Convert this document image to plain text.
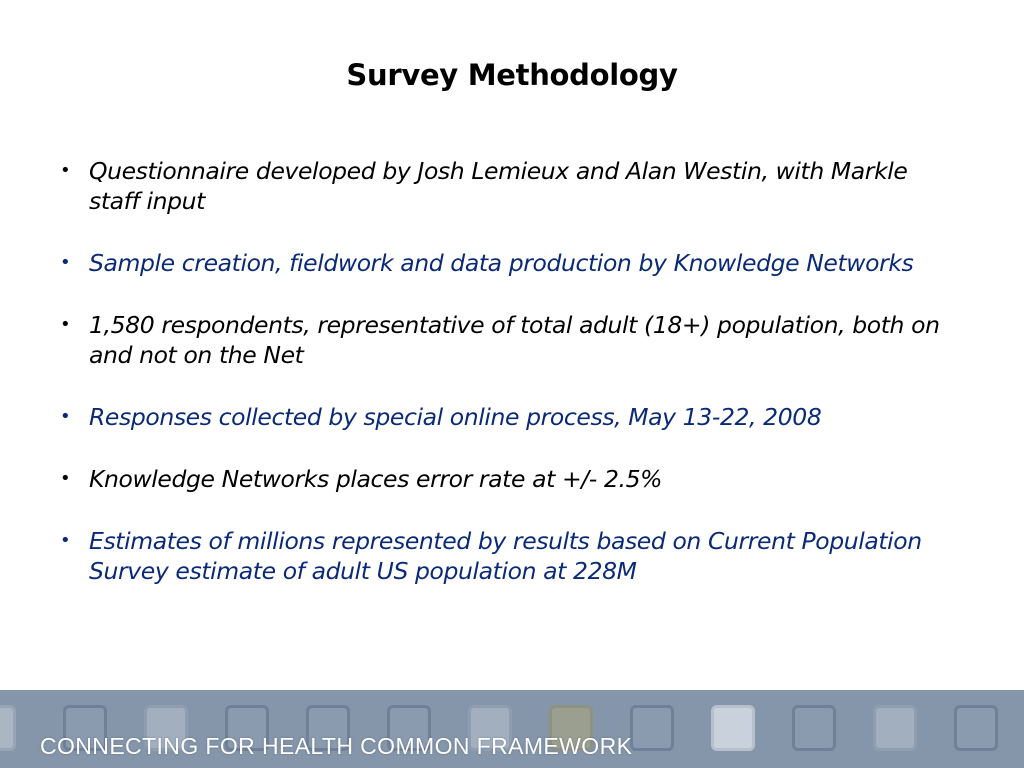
Survey Methodology
• Questionnaire developed by Josh Lemieux and Alan Westin, with Markle staff input
• Sample creation, fieldwork and data production by Knowledge Networks
• 1,580 respondents, representative of total adult (18+) population, both on and not on the Net
• Responses collected by special online process, May 13-22, 2008
• Knowledge Networks places error rate at +/- 2.5%
• Estimates of millions represented by results based on Current Population Survey estimate of adult US population at 228M
CONNECTING FOR HEALTH COMMON FRAMEWORK
